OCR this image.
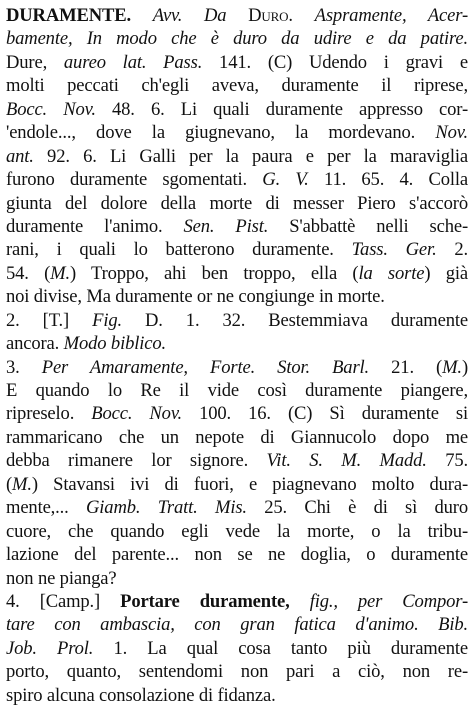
DURAMENTE. Avv. Da Duro. Aspramente, Acer-
bamente, In modo che è duro da udire e da patire.
Dure, aureo lat. Pass. 141. (C) Udendo i gravi e
molti peccati ch'egli aveva, duramente il riprese,
Bocc. Nov. 48. 6. Li quali duramente appresso cor-
'endole..., dove la giugnevano, la mordevano. Nov.
ant. 92. 6. Li Galli per la paura e per la maraviglia
furono duramente sgomentati. G. V. 11. 65. 4. Colla
giunta del dolore della morte di messer Piero s'accorò
duramente l'animo. Sen. Pist. S'abbattè nelli sche-
rani, i quali lo batterono duramente. Tass. Ger. 2.
54. (M.) Troppo, ahi ben troppo, ella (la sorte) già
noi divise, Ma duramente or ne congiunge in morte.
2. [T.] Fig. D. 1. 32. Bestemmiava duramente
ancora. Modo biblico.
3. Per Amaramente, Forte. Stor. Barl. 21. (M.)
E quando lo Re il vide così duramente piangere,
ripreselo. Bocc. Nov. 100. 16. (C) Sì duramente si
rammaricano che un nepote di Giannucolo dopo me
debba rimanere lor signore. Vit. S. M. Madd. 75.
(M.) Stavansi ivi di fuori, e piagnevano molto dura-
mente,... Giamb. Tratt. Mis. 25. Chi è di sì duro
cuore, che quando egli vede la morte, o la tribu-
lazione del parente... non se ne doglia, o duramente
non ne pianga?
4. [Camp.] Portare duramente, fig., per Compor-
tare con ambascia, con gran fatica d'animo. Bib.
Job. Prol. 1. La qual cosa tanto più duramente
porto, quanto, sentendomi non pari a ciò, non re-
spiro alcuna consolazione di fidanza.
